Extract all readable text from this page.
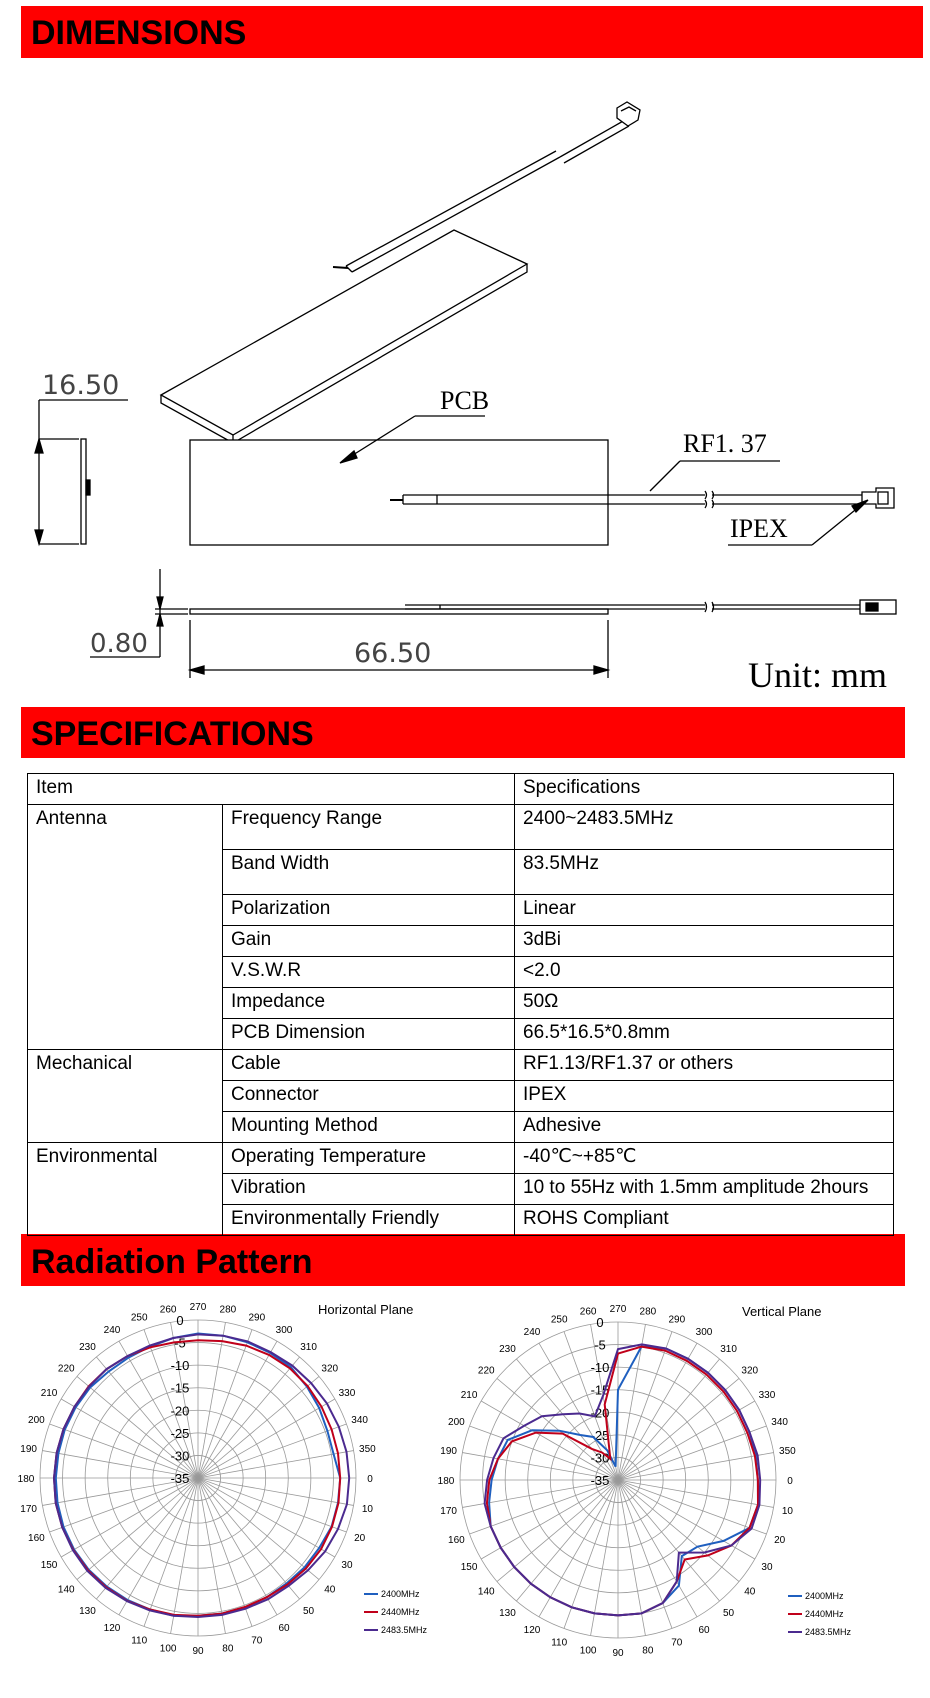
DIMENSIONS
SPECIFICATIONS
Radiation Pattern
16.50	PCB
RF1. 37
IPEX
0.80	66.50
Unit: mm
Item		Specifications
Antenna	Frequency Range	2400~2483.5MHz
	Band Width	83.5MHz
	Polarization	Linear
	Gain	3dBi
	V.S.W.R	<2.0
	Impedance	50Ω
	PCB Dimension	66.5*16.5*0.8mm
Mechanical	Cable	RF1.13/RF1.37 or others
	Connector	IPEX
	Mounting Method	Adhesive
Environmental	Operating Temperature	-40℃~+85℃
	Vibration	10 to 55Hz with 1.5mm amplitude 2hours
	Environmentally Friendly	ROHS Compliant
0
10
20
30
40
50
60
70
80
90
100
110
120
130
140
150
160
170
180
190
200
210
220
230
240
250
260 270 280
290
300
310
320
330
340
350
0
-5
-10
-15
-20
-25
-30
-35
Horizontal Plane
2400MHz
2440MHz
2483.5MHz
0
10
20
30
40
50
60
70
80
90
100
110
120
130
140
150
160
170
180
190
200
210
220
230
240
250
260 270 280
290
300
310
320
330
340
350
0
-5
-10
-15
-20
-25
-30
-35
Vertical Plane
2400MHz
2440MHz
2483.5MHz
